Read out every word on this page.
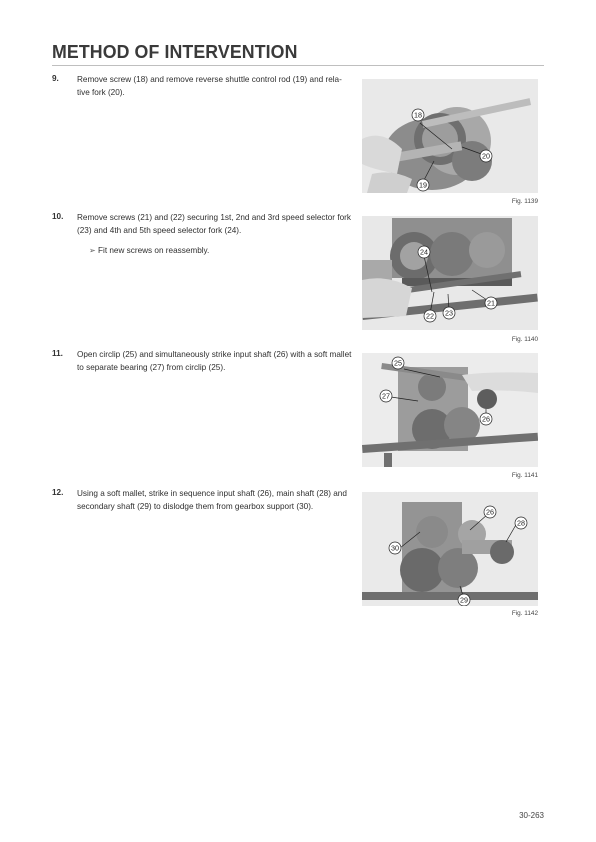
METHOD OF INTERVENTION
9. Remove screw (18) and remove reverse shuttle control rod (19) and rela-
tive fork (20).
18
20
19
Fig. 1139
10. Remove screws (21) and (22) securing 1st, 2nd and 3rd speed selector fork
(23) and 4th and 5th speed selector fork (24).
➢ Fit new screws on reassembly.	24
21
22 23
Fig. 1140
11. Open circlip (25) and simultaneously strike input shaft (26) with a soft mallet
to separate bearing (27) from circlip (25).	25
27
26
Fig. 1141
12. Using a soft mallet, strike in sequence input shaft (26), main shaft (28) and
secondary shaft (29) to dislodge them from gearbox support (30).
26
28
30
29
Fig. 1142
30-263
